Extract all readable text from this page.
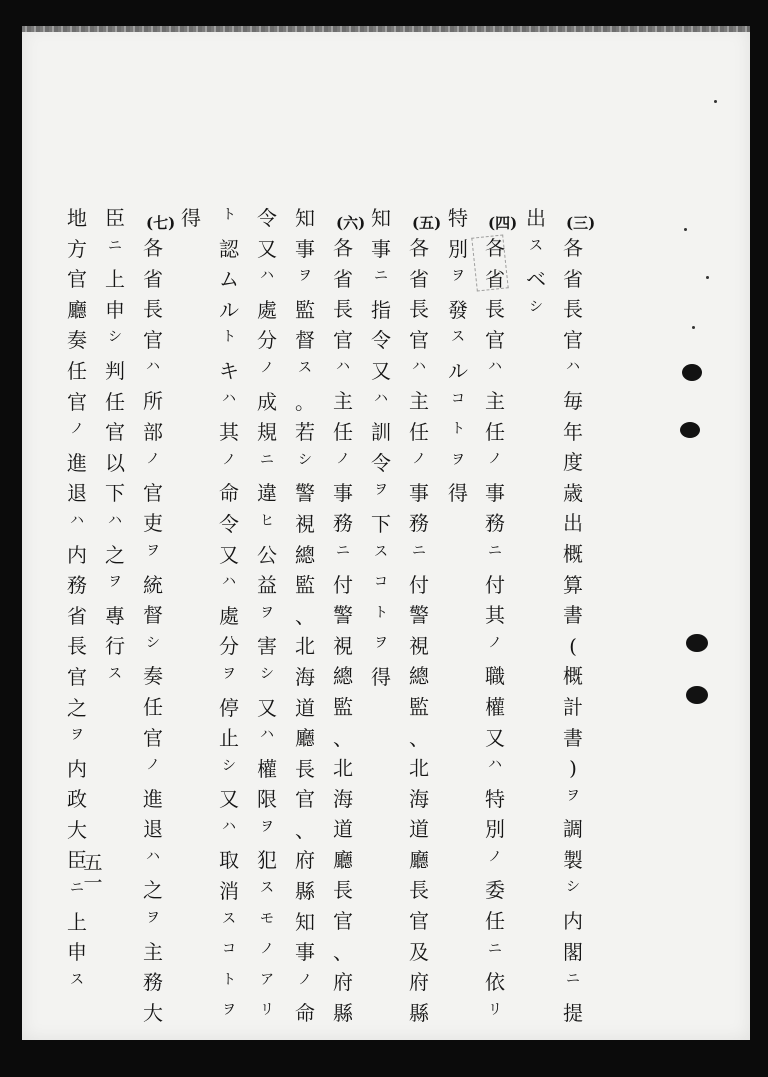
(三)
(四)
(五)
(六)
(七)
各
省
長
官
ハ
毎
年
度
歳
出
概
算
書
(
概
計
書
)
ヲ
調
製
シ
内
閣
ニ
提
出
ス
ベ
シ
各
省
長
官
ハ
主
任
ノ
事
務
ニ
付
其
ノ
職
權
又
ハ
特
別
ノ
委
任
ニ
依
リ
特
別
ヲ
發
ス
ル
コ
ト
ヲ
得
各
省
長
官
ハ
主
任
ノ
事
務
ニ
付
警
視
總
監
、
北
海
道
廳
長
官
及
府
縣
知
事
ニ
指
令
又
ハ
訓
令
ヲ
下
ス
コ
ト
ヲ
得
各
省
長
官
ハ
主
任
ノ
事
務
ニ
付
警
視
總
監
、
北
海
道
廳
長
官
、
府
縣
知
事
ヲ
監
督
ス
。
若
シ
警
視
總
監
、
北
海
道
廳
長
官
、
府
縣
知
事
ノ
命
令
又
ハ
處
分
ノ
成
規
ニ
違
ヒ
公
益
ヲ
害
シ
又
ハ
權
限
ヲ
犯
ス
モ
ノ
ア
リ
ト
認
ム
ル
ト
キ
ハ
其
ノ
命
令
又
ハ
處
分
ヲ
停
止
シ
又
ハ
取
消
ス
コ
ト
ヲ
得
各
省
長
官
ハ
所
部
ノ
官
吏
ヲ
統
督
シ
奏
任
官
ノ
進
退
ハ
之
ヲ
主
務
大
臣
ニ
上
申
シ
判
任
官
以
下
ハ
之
ヲ
專
行
ス
地
方
官
廳
奏
任
官
ノ
進
退
ハ
内
務
省
長
官
之
ヲ
内
政
大
臣
ニ
上
申
ス
五一
